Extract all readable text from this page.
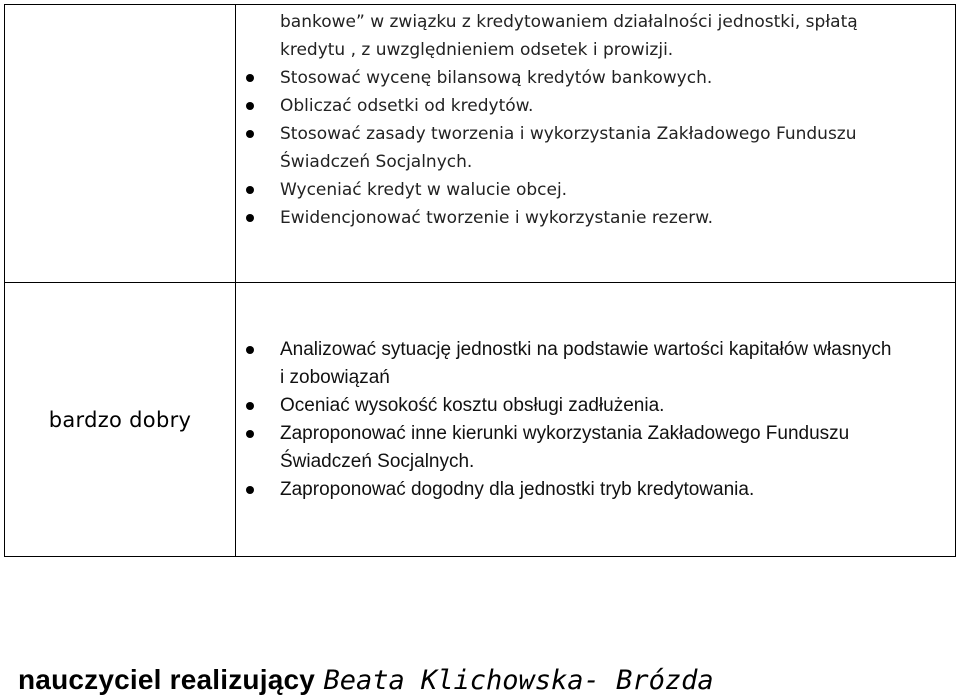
bankowe” w związku z kredytowaniem działalności jednostki, spłatą
kredytu , z uwzględnieniem odsetek i prowizji.
Stosować wycenę bilansową kredytów bankowych.
Obliczać odsetki od kredytów.
Stosować zasady tworzenia i wykorzystania Zakładowego Funduszu
Świadczeń Socjalnych.
Wyceniać kredyt w walucie obcej.
Ewidencjonować tworzenie i wykorzystanie rezerw.
bardzo dobry
Analizować sytuację jednostki na podstawie wartości kapitałów własnych
i zobowiązań
Oceniać wysokość kosztu obsługi zadłużenia.
Zaproponować inne kierunki wykorzystania Zakładowego Funduszu
Świadczeń Socjalnych.
Zaproponować dogodny dla jednostki tryb kredytowania.
nauczyciel realizujący Beata Klichowska- Brózda
